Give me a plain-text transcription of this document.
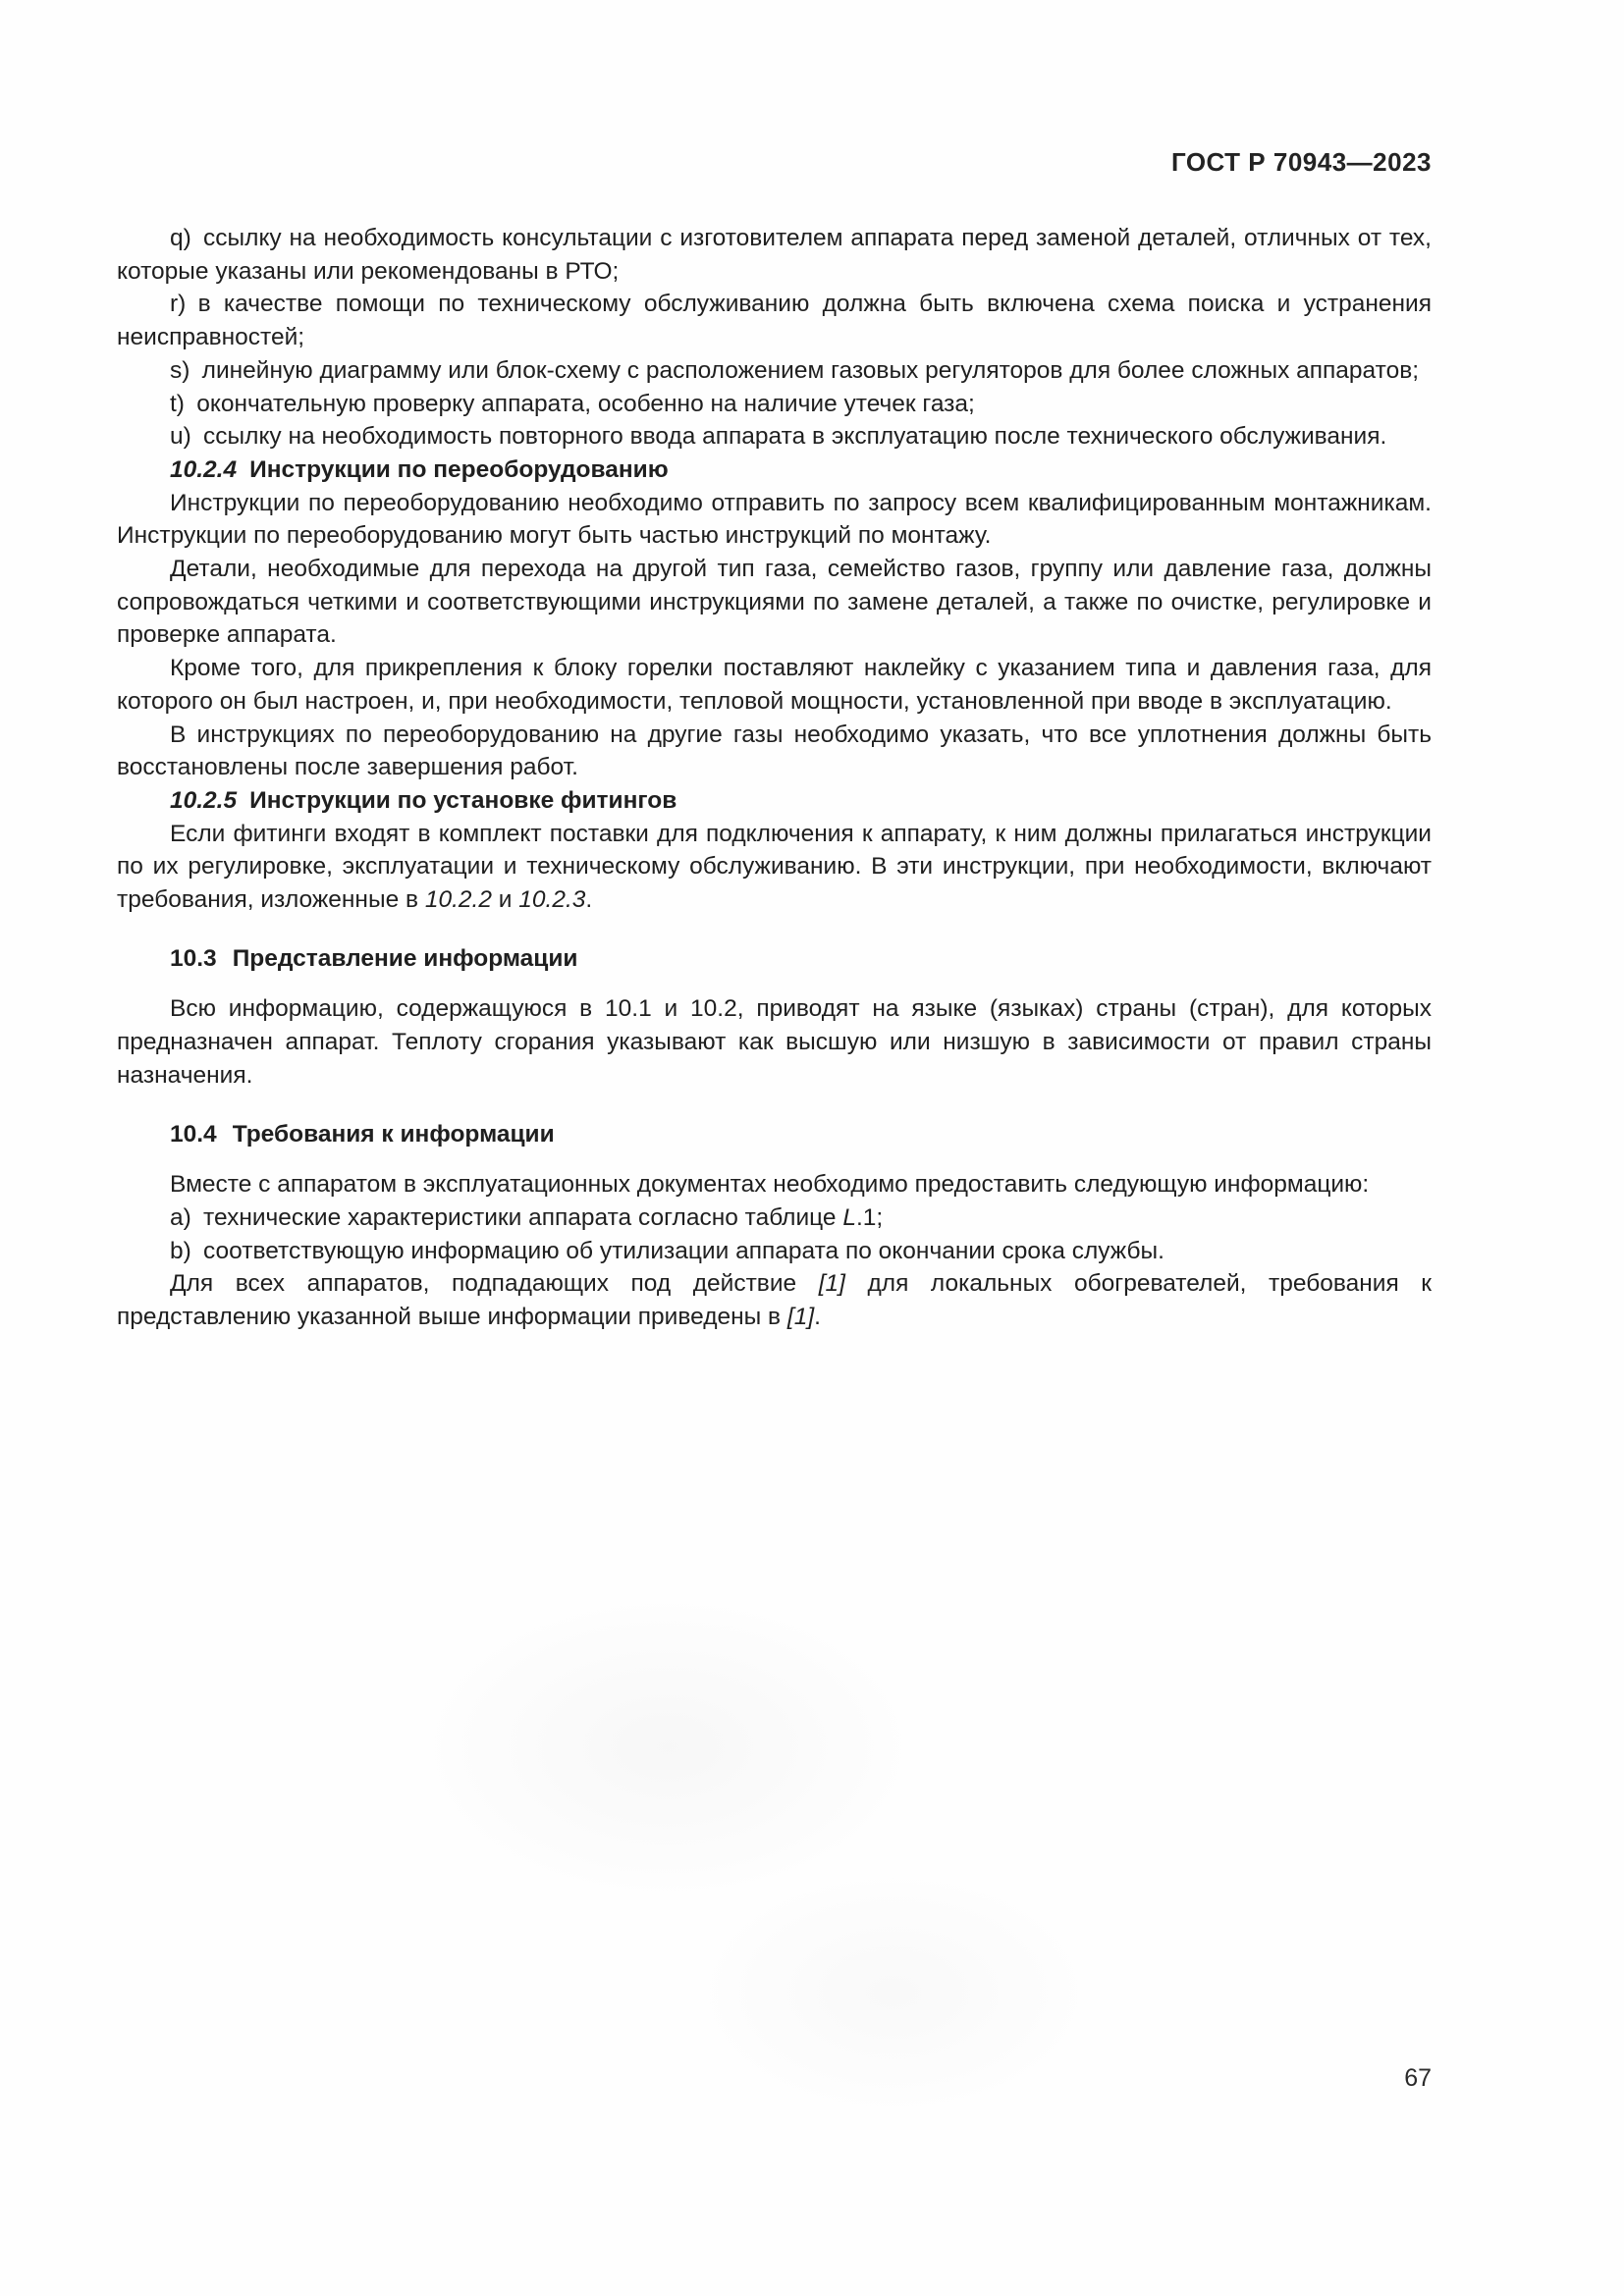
ГОСТ Р 70943—2023

q) ссылку на необходимость консультации с изготовителем аппарата перед заменой деталей, отличных от тех, которые указаны или рекомендованы в РТО;

r) в качестве помощи по техническому обслуживанию должна быть включена схема поиска и устранения неисправностей;

s) линейную диаграмму или блок-схему с расположением газовых регуляторов для более сложных аппаратов;

t) окончательную проверку аппарата, особенно на наличие утечек газа;

u) ссылку на необходимость повторного ввода аппарата в эксплуатацию после технического обслуживания.

10.2.4 Инструкции по переоборудованию

Инструкции по переоборудованию необходимо отправить по запросу всем квалифицированным монтажникам. Инструкции по переоборудованию могут быть частью инструкций по монтажу.

Детали, необходимые для перехода на другой тип газа, семейство газов, группу или давление газа, должны сопровождаться четкими и соответствующими инструкциями по замене деталей, а также по очистке, регулировке и проверке аппарата.

Кроме того, для прикрепления к блоку горелки поставляют наклейку с указанием типа и давления газа, для которого он был настроен, и, при необходимости, тепловой мощности, установленной при вводе в эксплуатацию.

В инструкциях по переоборудованию на другие газы необходимо указать, что все уплотнения должны быть восстановлены после завершения работ.

10.2.5 Инструкции по установке фитингов

Если фитинги входят в комплект поставки для подключения к аппарату, к ним должны прилагаться инструкции по их регулировке, эксплуатации и техническому обслуживанию. В эти инструкции, при необходимости, включают требования, изложенные в 10.2.2 и 10.2.3.

10.3 Представление информации

Всю информацию, содержащуюся в 10.1 и 10.2, приводят на языке (языках) страны (стран), для которых предназначен аппарат. Теплоту сгорания указывают как высшую или низшую в зависимости от правил страны назначения.

10.4 Требования к информации

Вместе с аппаратом в эксплуатационных документах необходимо предоставить следующую информацию:

a) технические характеристики аппарата согласно таблице L.1;

b) соответствующую информацию об утилизации аппарата по окончании срока службы.

Для всех аппаратов, подпадающих под действие [1] для локальных обогревателей, требования к представлению указанной выше информации приведены в [1].

67
